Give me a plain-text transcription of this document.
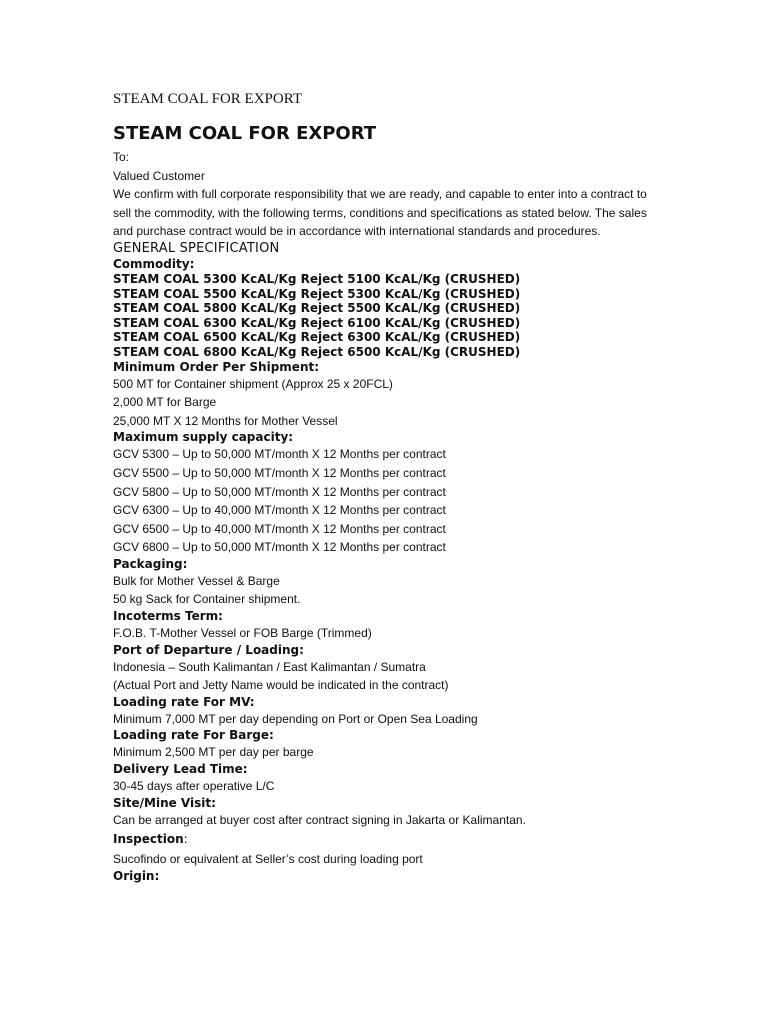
STEAM COAL FOR EXPORT
STEAM COAL FOR EXPORT

To:

Valued Customer

We confirm with full corporate responsibility that we are ready, and capable to enter into a contract to sell the commodity, with the following terms, conditions and specifications as stated below. The sales and purchase contract would be in accordance with international standards and procedures.

GENERAL SPECIFICATION

Commodity:

STEAM COAL 5300 KcAL/Kg Reject 5100 KcAL/Kg (CRUSHED)

STEAM COAL 5500 KcAL/Kg Reject 5300 KcAL/Kg (CRUSHED)

STEAM COAL 5800 KcAL/Kg Reject 5500 KcAL/Kg (CRUSHED)

STEAM COAL 6300 KcAL/Kg Reject 6100 KcAL/Kg (CRUSHED)

STEAM COAL 6500 KcAL/Kg Reject 6300 KcAL/Kg (CRUSHED)

STEAM COAL 6800 KcAL/Kg Reject 6500 KcAL/Kg (CRUSHED)

Minimum Order Per Shipment:

500 MT for Container shipment (Approx 25 x 20FCL)

2,000 MT for Barge

25,000 MT X 12 Months for Mother Vessel

Maximum supply capacity:

GCV 5300 – Up to 50,000 MT/month X 12 Months per contract

GCV 5500 – Up to 50,000 MT/month X 12 Months per contract

GCV 5800 – Up to 50,000 MT/month X 12 Months per contract

GCV 6300 – Up to 40,000 MT/month X 12 Months per contract

GCV 6500 – Up to 40,000 MT/month X 12 Months per contract

GCV 6800 – Up to 50,000 MT/month X 12 Months per contract

Packaging:

Bulk for Mother Vessel & Barge

50 kg Sack for Container shipment.

Incoterms Term:

F.O.B. T-Mother Vessel or FOB Barge (Trimmed)

Port of Departure / Loading:

Indonesia – South Kalimantan / East Kalimantan / Sumatra

(Actual Port and Jetty Name would be indicated in the contract)

Loading rate For MV:

Minimum 7,000 MT per day depending on Port or Open Sea Loading

Loading rate For Barge:

Minimum 2,500 MT per day per barge

Delivery Lead Time:

30-45 days after operative L/C

Site/Mine Visit:

Can be arranged at buyer cost after contract signing in Jakarta or Kalimantan.

Inspection:

Sucofindo or equivalent at Seller’s cost during loading port

Origin:
